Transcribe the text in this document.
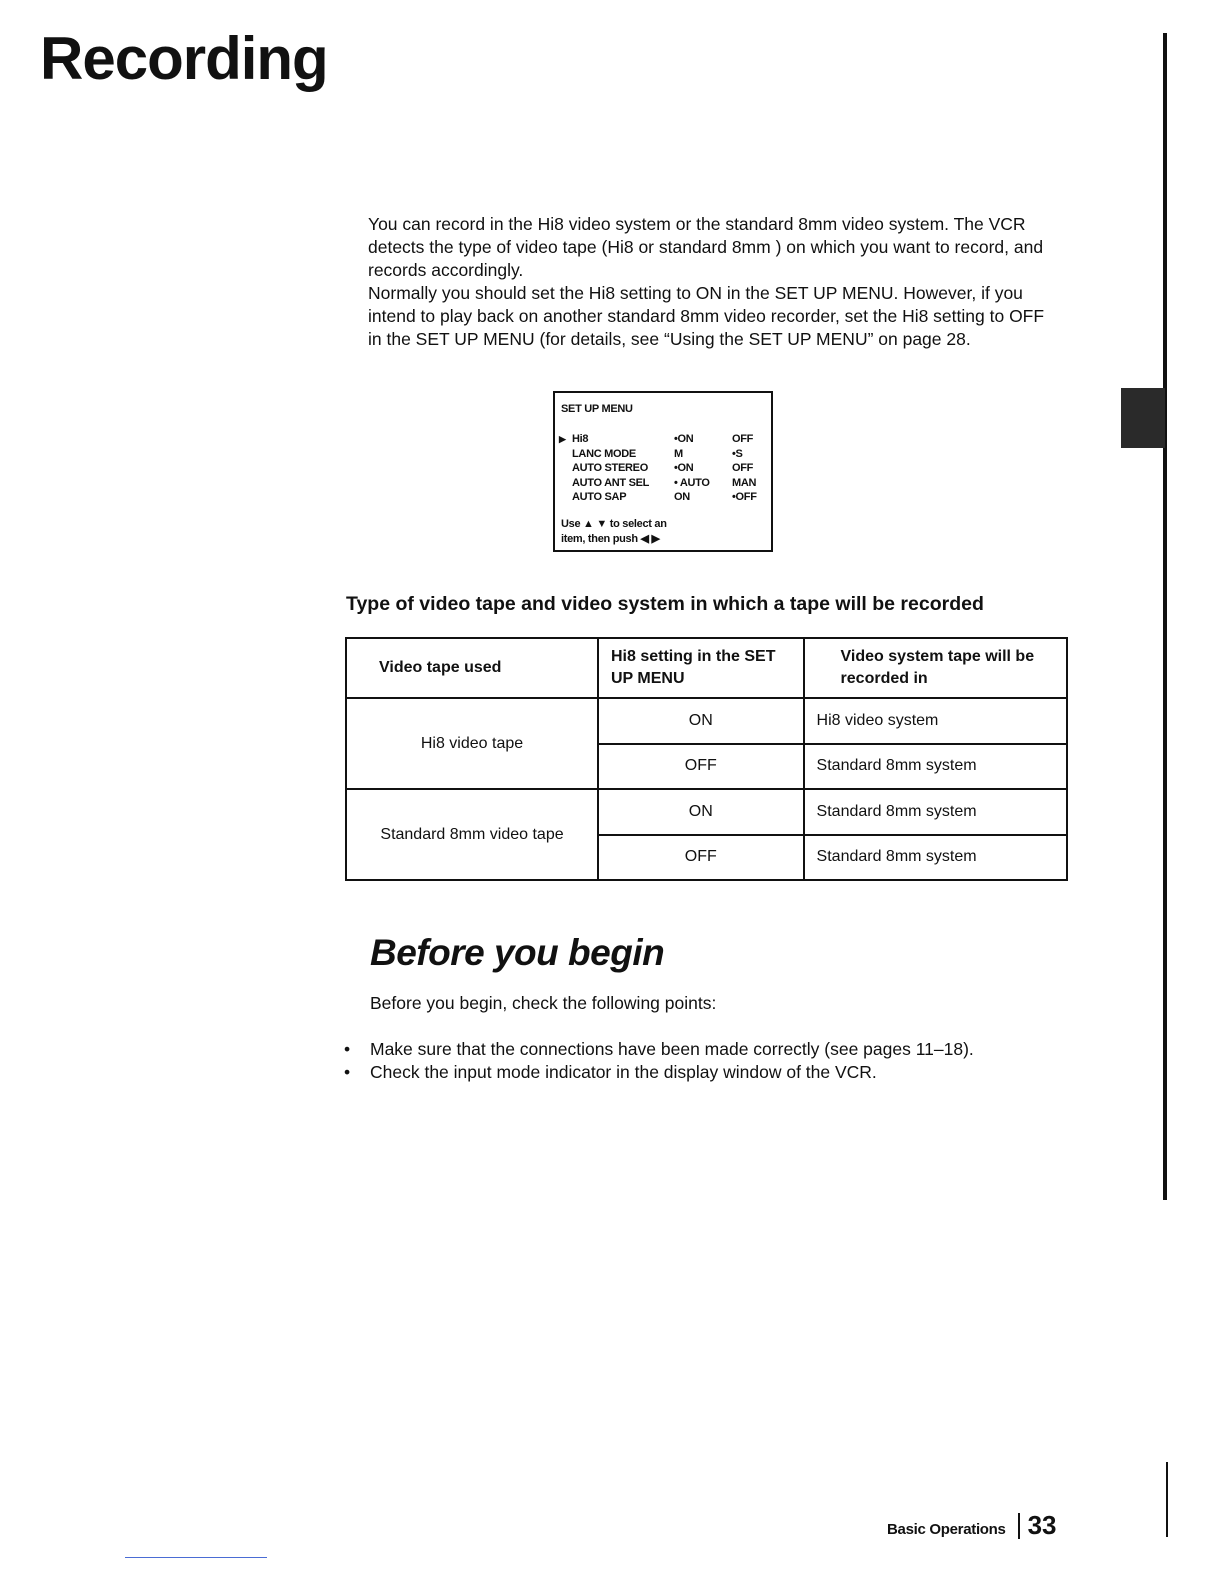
Recording

You can record in the Hi8 video system or the standard 8mm video system. The VCR detects the type of video tape (Hi8 or standard 8mm ) on which you want to record, and records accordingly.

Normally you should set the Hi8 setting to ON in the SET UP MENU. However, if you intend to play back on another standard 8mm video recorder, set the Hi8 setting to OFF in the SET UP MENU (for details, see “Using the SET UP MENU” on page 28.

SET UP MENU
▶ Hi8	•ON	OFF
LANC MODE	M	•S
AUTO STEREO	•ON	OFF
AUTO ANT SEL	• AUTO	MAN
AUTO SAP	ON	•OFF
Use ▲ ▼ to select an
item, then push ◀ ▶
Type of video tape and video system in which a tape will be recorded
Video tape used	Hi8 setting in the SET UP MENU	Video system tape will be recorded in
Hi8 video tape	ON	Hi8 video system
	OFF	Standard 8mm system
Standard 8mm video tape	ON	Standard 8mm system
	OFF	Standard 8mm system
Before you begin
Before you begin, check the following points:
•	Make sure that the connections have been made correctly (see pages 11–18).
•	Check the input mode indicator in the display window of the VCR.
Basic Operations 33
